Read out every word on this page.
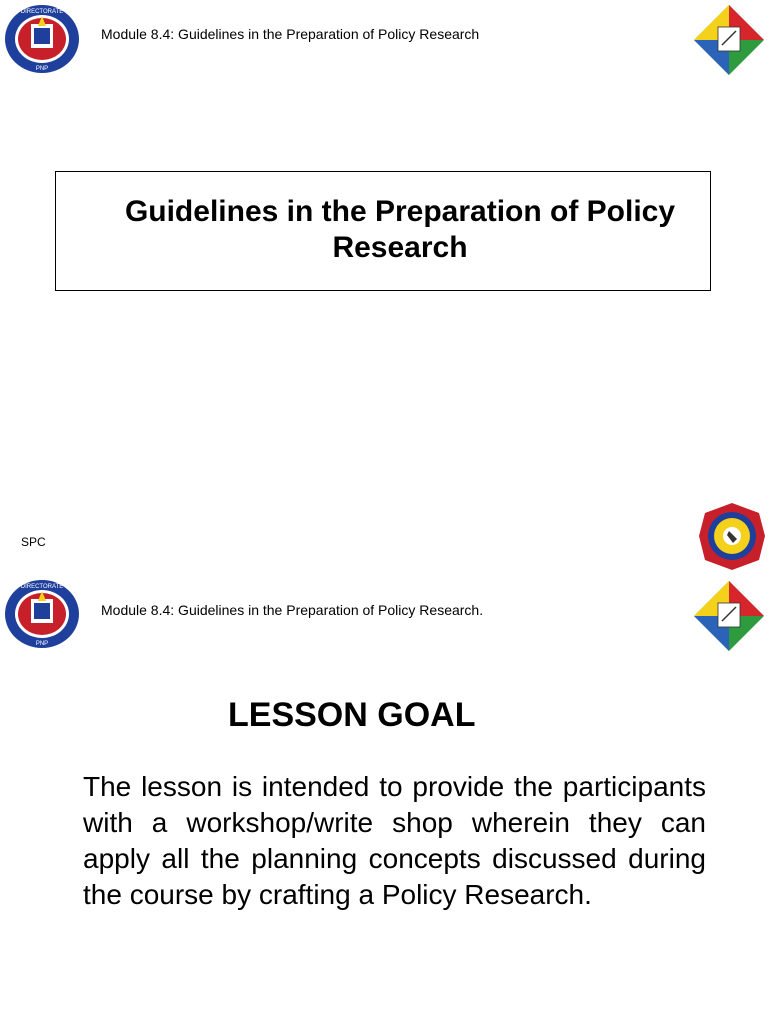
DIRECTORATE
PNP
Module 8.4: Guidelines in the Preparation of Policy Research
Guidelines in the Preparation of Policy Research
SPC
DIRECTORATE
PNP
Module 8.4: Guidelines in the Preparation of Policy Research.
LESSON GOAL
The lesson is intended to provide the participants with a workshop/write shop wherein they can apply all the planning concepts discussed during the course by crafting a Policy Research.
